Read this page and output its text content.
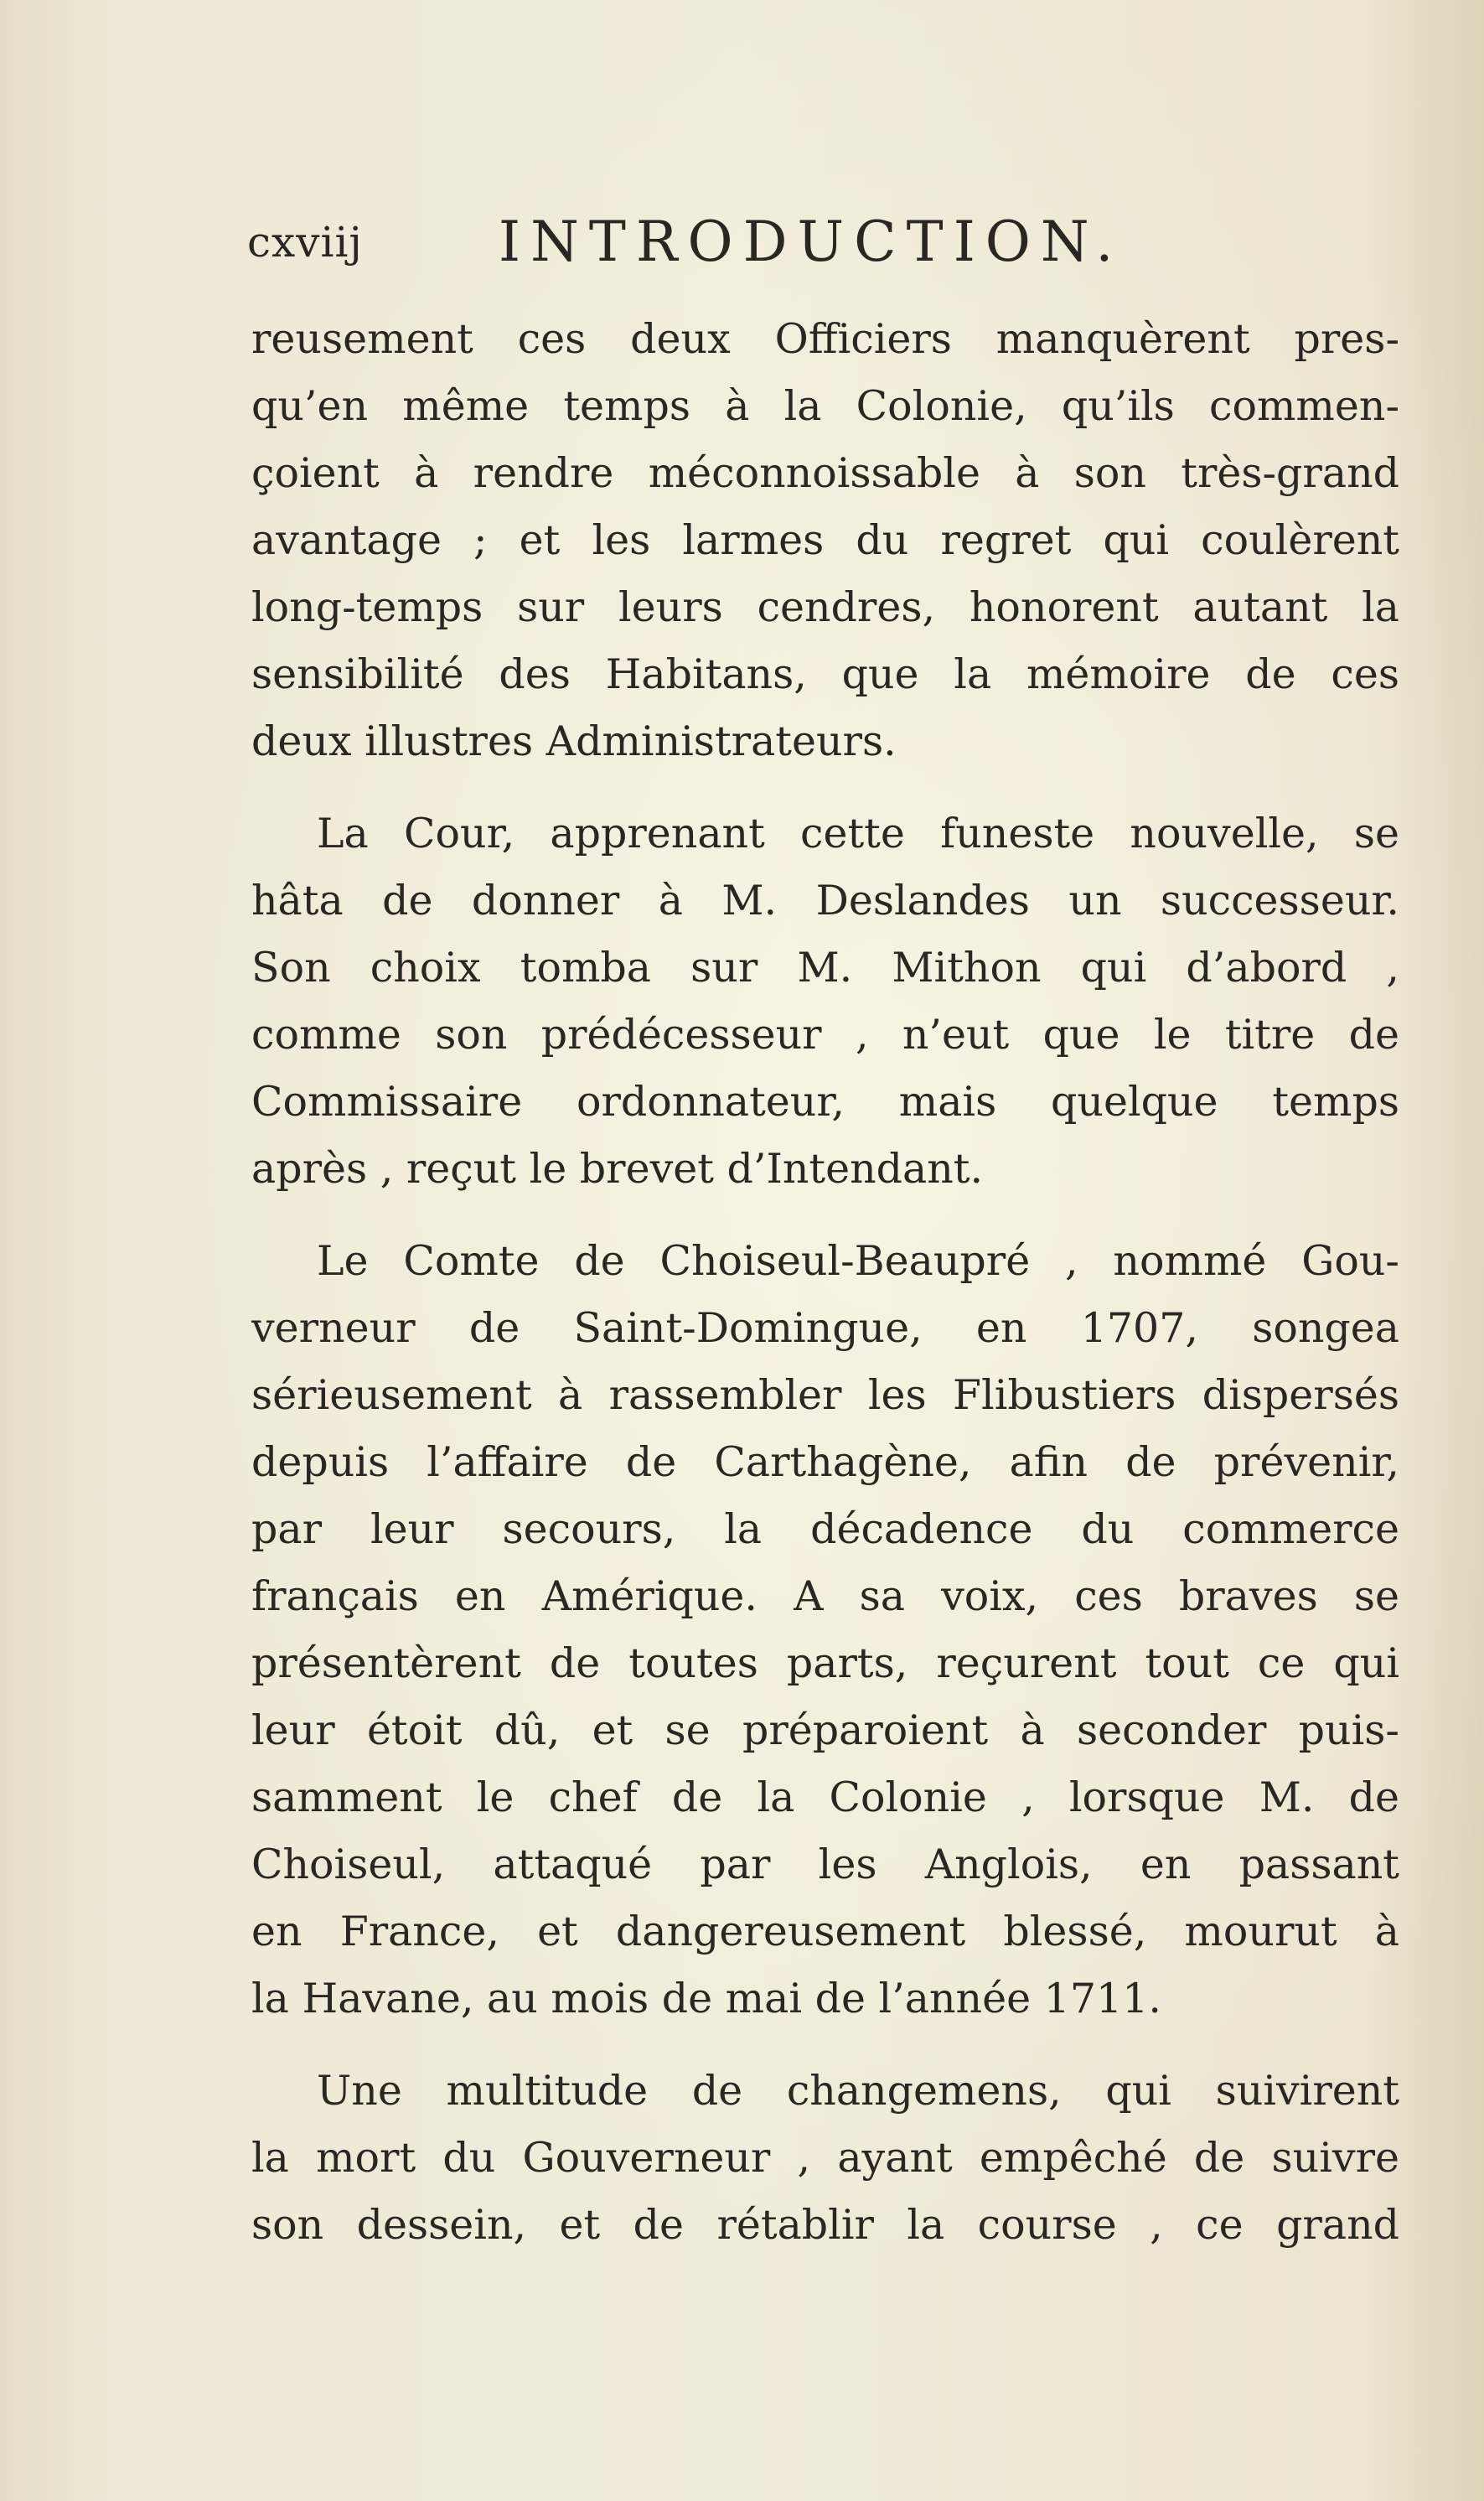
cxviij INTRODUCTION.
reusement ces deux Officiers manquèrent pres-
qu’en même temps à la Colonie, qu’ils commen-
çoient à rendre méconnoissable à son très-grand
avantage ; et les larmes du regret qui coulèrent
long-temps sur leurs cendres, honorent autant la
sensibilité des Habitans, que la mémoire de ces
deux illustres Administrateurs.
La Cour, apprenant cette funeste nouvelle, se
hâta de donner à M. Deslandes un successeur.
Son choix tomba sur M. Mithon qui d’abord ,
comme son prédécesseur , n’eut que le titre de
Commissaire ordonnateur, mais quelque temps
après , reçut le brevet d’Intendant.
Le Comte de Choiseul-Beaupré , nommé Gou-
verneur de Saint-Domingue, en 1707, songea
sérieusement à rassembler les Flibustiers dispersés
depuis l’affaire de Carthagène, afin de prévenir,
par leur secours, la décadence du commerce
français en Amérique. A sa voix, ces braves se
présentèrent de toutes parts, reçurent tout ce qui
leur étoit dû, et se préparoient à seconder puis-
samment le chef de la Colonie , lorsque M. de
Choiseul, attaqué par les Anglois, en passant
en France, et dangereusement blessé, mourut à
la Havane, au mois de mai de l’année 1711.
Une multitude de changemens, qui suivirent
la mort du Gouverneur , ayant empêché de suivre
son dessein, et de rétablir la course , ce grand
